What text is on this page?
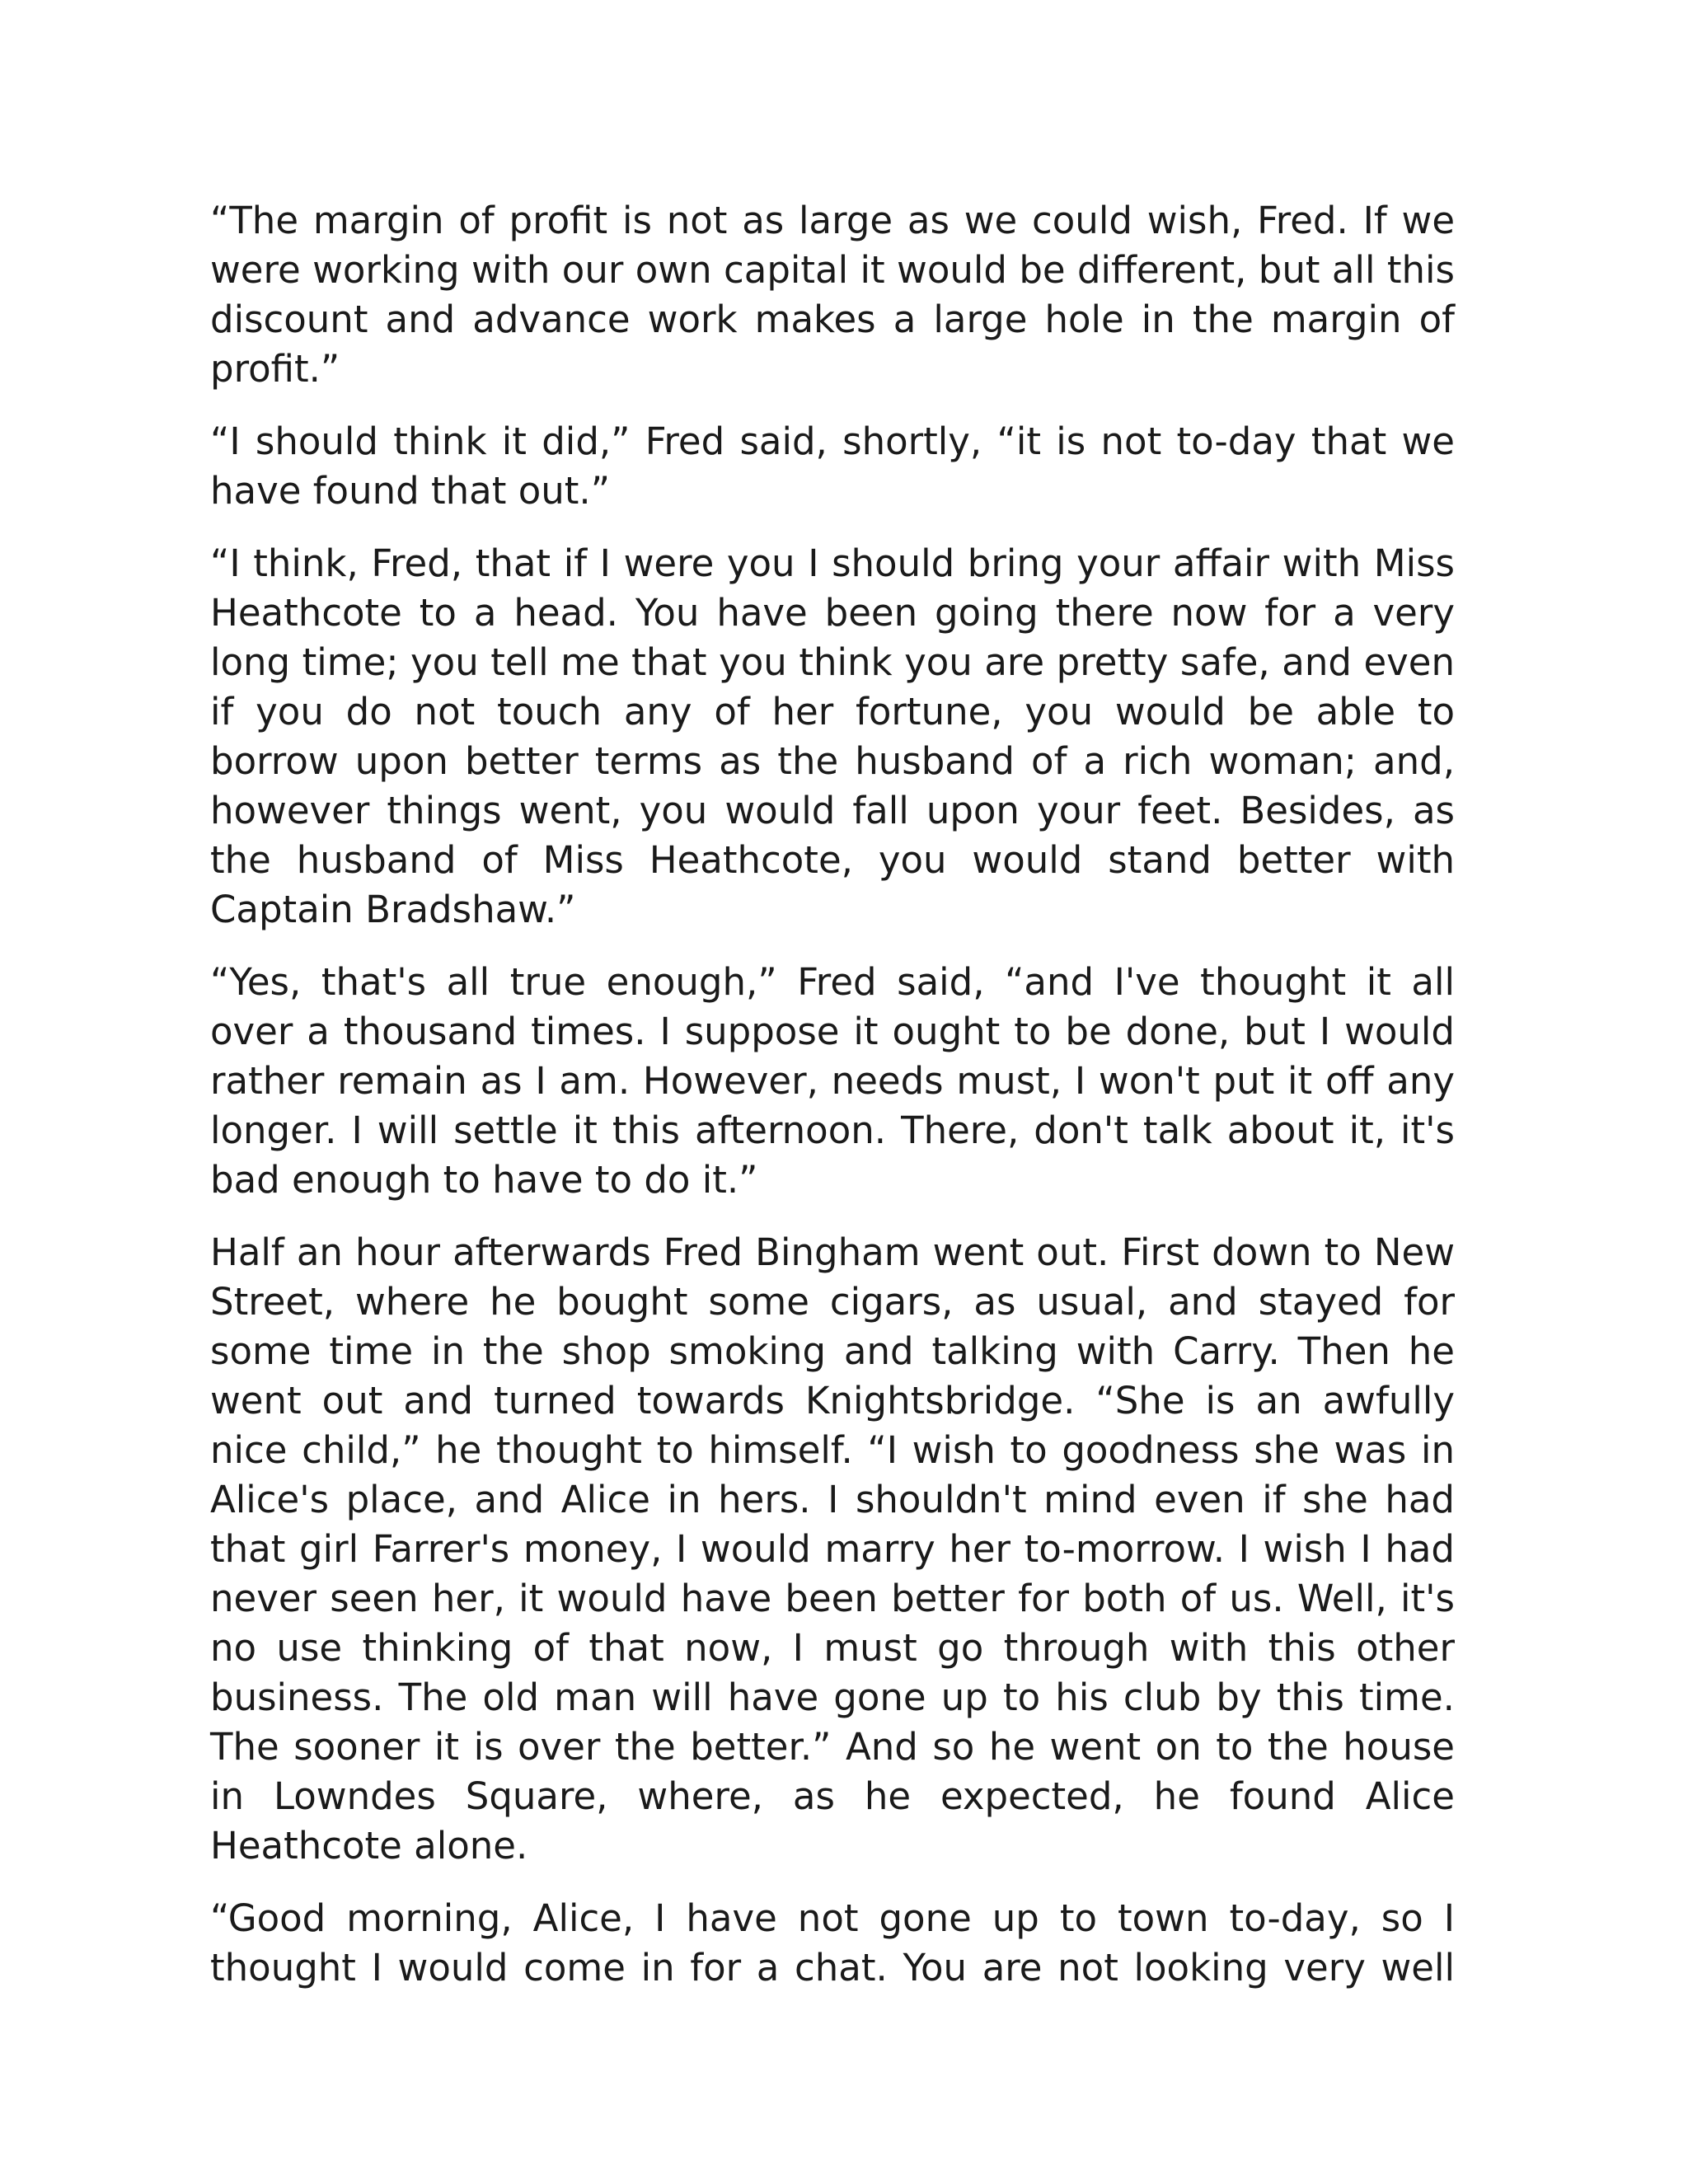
“The margin of profit is not as large as we could wish, Fred. If we were working with our own capital it would be different, but all this discount and advance work makes a large hole in the margin of profit.”

“I should think it did,” Fred said, shortly, “it is not to-day that we have found that out.”

“I think, Fred, that if I were you I should bring your affair with Miss Heathcote to a head. You have been going there now for a very long time; you tell me that you think you are pretty safe, and even if you do not touch any of her fortune, you would be able to borrow upon better terms as the husband of a rich woman; and, however things went, you would fall upon your feet. Besides, as the husband of Miss Heathcote, you would stand better with Captain Bradshaw.”

“Yes, that's all true enough,” Fred said, “and I've thought it all over a thousand times. I suppose it ought to be done, but I would rather remain as I am. However, needs must, I won't put it off any longer. I will settle it this afternoon. There, don't talk about it, it's bad enough to have to do it.”

Half an hour afterwards Fred Bingham went out. First down to New Street, where he bought some cigars, as usual, and stayed for some time in the shop smoking and talking with Carry. Then he went out and turned towards Knightsbridge. “She is an awfully nice child,” he thought to himself. “I wish to goodness she was in Alice's place, and Alice in hers. I shouldn't mind even if she had that girl Farrer's money, I would marry her to-morrow. I wish I had never seen her, it would have been better for both of us. Well, it's no use thinking of that now, I must go through with this other business. The old man will have gone up to his club by this time. The sooner it is over the better.” And so he went on to the house in Lowndes Square, where, as he expected, he found Alice Heathcote alone.

“Good morning, Alice, I have not gone up to town to-day, so I thought I would come in for a chat. You are not looking very well
